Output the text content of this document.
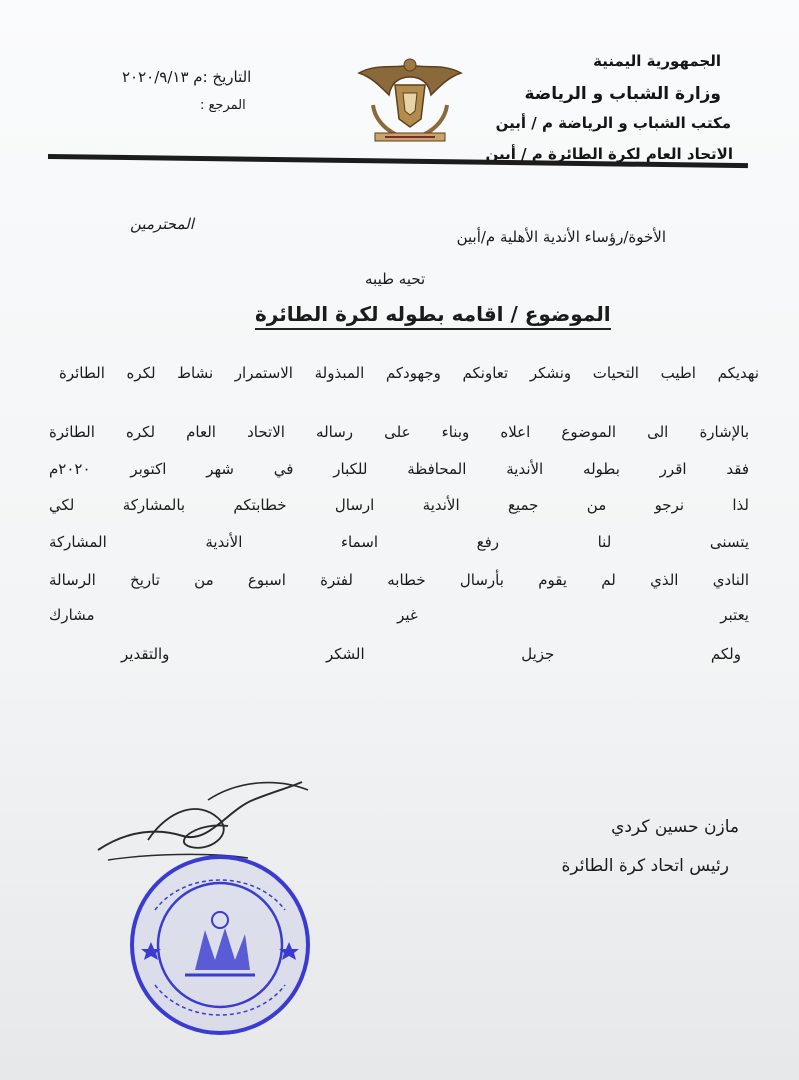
الجمهورية اليمنية
وزارة الشباب و الرياضة
مكتب الشباب و الرياضة م / أبين
الاتحاد العام لكرة الطائرة م / أبين
التاريخ :م ٢٠٢٠/٩/١٣
المرجع :
الأخوة/رؤساء الأندية الأهلية م/أبين
المحترمين
تحيه طيبه
الموضوع / اقامه بطوله لكرة الطائرة
نهديكم اطيب التحيات ونشكر تعاونكم وجهودكم المبذولة الاستمرار نشاط لكره الطائرة
بالإشارة الى الموضوع اعلاه وبناء على رساله الاتحاد العام لكره الطائرة
فقد اقرر بطوله الأندية المحافظة للكبار في شهر اكتوبر ٢٠٢٠م
لذا نرجو من جميع الأندية ارسال خطابتكم بالمشاركة لكي
يتسنى لنا رفع اسماء الأندية المشاركة
النادي الذي لم يقوم بأرسال خطابه لفترة اسبوع من تاريخ الرسالة
يعتبر غير مشارك
ولكم جزيل الشكر والتقدير
مازن حسين كردي
رئيس اتحاد كرة الطائرة
